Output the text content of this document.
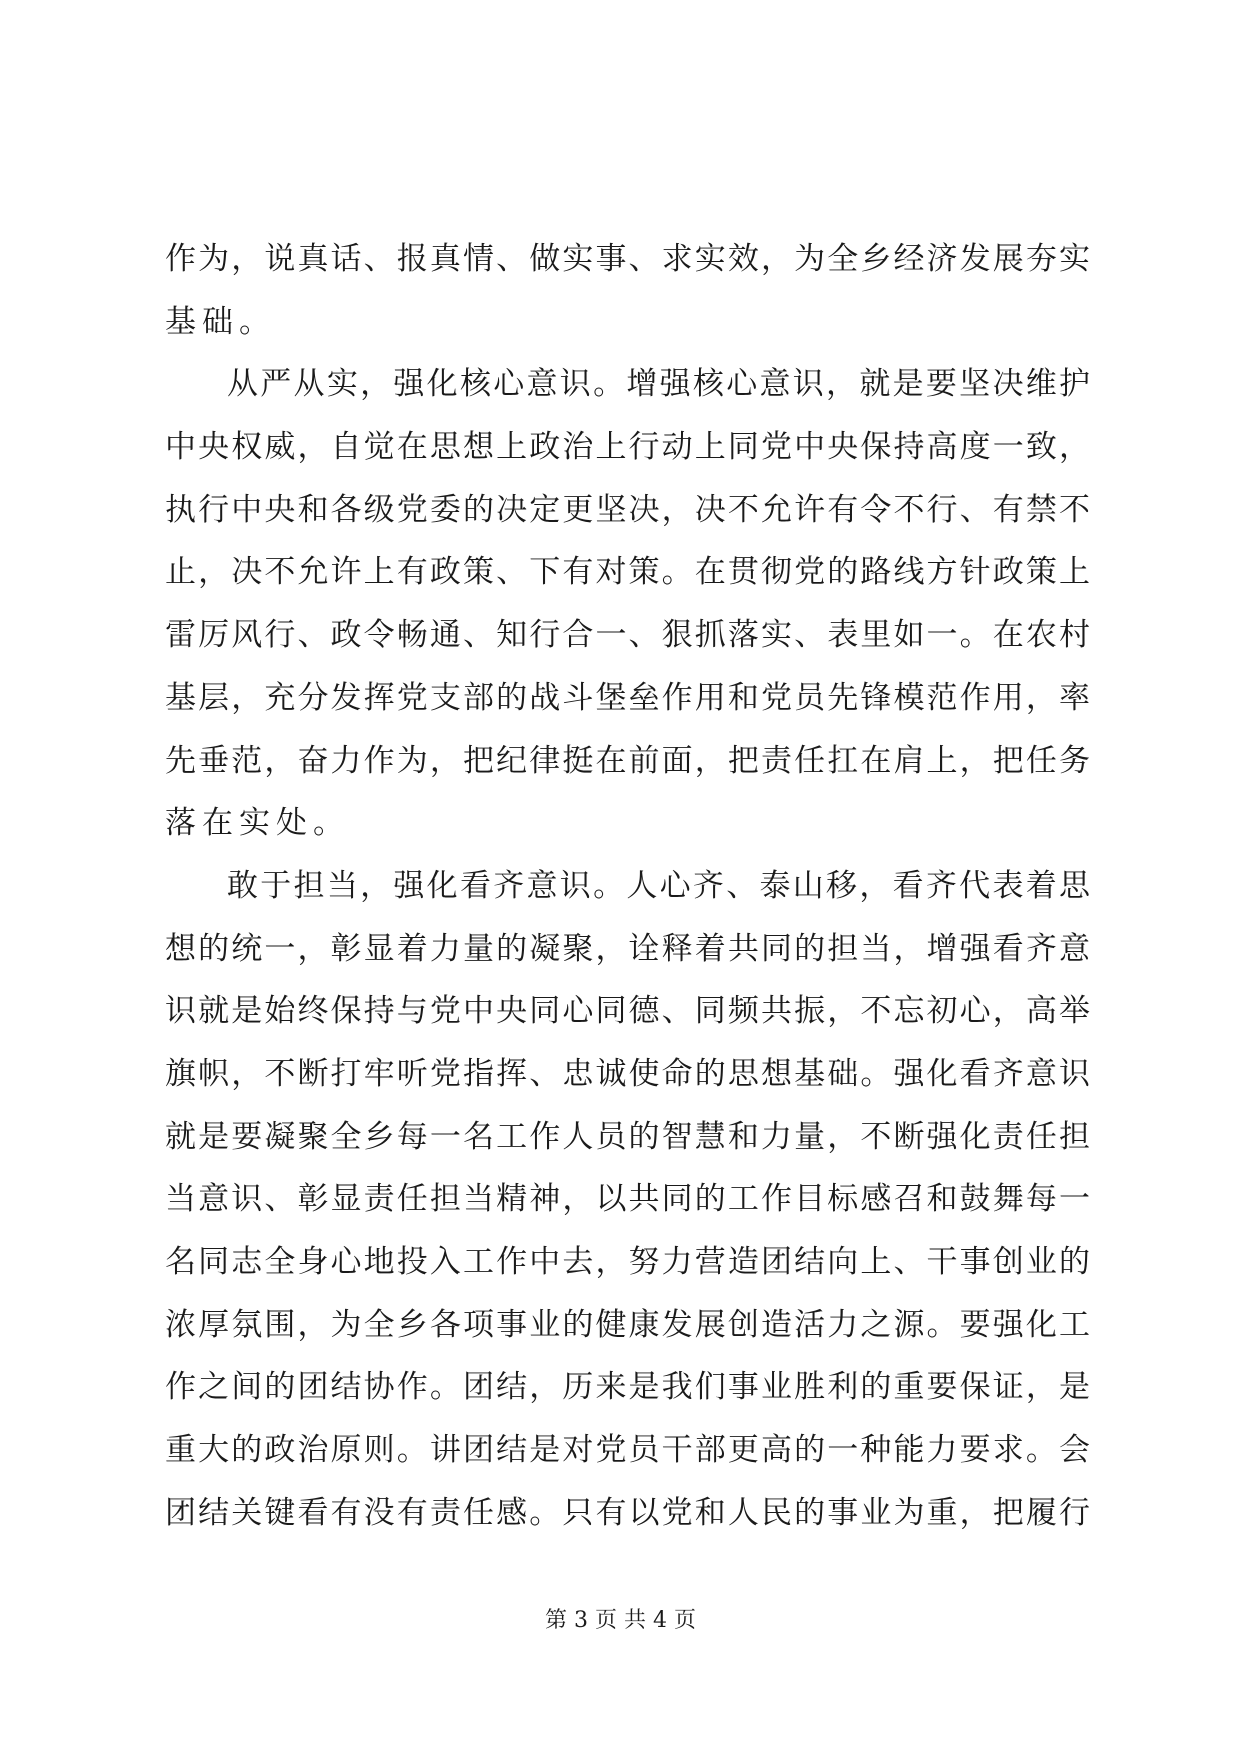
作为，说真话、报真情、做实事、求实效，为全乡经济发展夯实
基础。
从严从实，强化核心意识。增强核心意识，就是要坚决维护
中央权威，自觉在思想上政治上行动上同党中央保持高度一致，
执行中央和各级党委的决定更坚决，决不允许有令不行、有禁不
止，决不允许上有政策、下有对策。在贯彻党的路线方针政策上
雷厉风行、政令畅通、知行合一、狠抓落实、表里如一。在农村
基层，充分发挥党支部的战斗堡垒作用和党员先锋模范作用，率
先垂范，奋力作为，把纪律挺在前面，把责任扛在肩上，把任务
落在实处。
敢于担当，强化看齐意识。人心齐、泰山移，看齐代表着思
想的统一，彰显着力量的凝聚，诠释着共同的担当，增强看齐意
识就是始终保持与党中央同心同德、同频共振，不忘初心，高举
旗帜，不断打牢听党指挥、忠诚使命的思想基础。强化看齐意识
就是要凝聚全乡每一名工作人员的智慧和力量，不断强化责任担
当意识、彰显责任担当精神，以共同的工作目标感召和鼓舞每一
名同志全身心地投入工作中去，努力营造团结向上、干事创业的
浓厚氛围，为全乡各项事业的健康发展创造活力之源。要强化工
作之间的团结协作。团结，历来是我们事业胜利的重要保证，是
重大的政治原则。讲团结是对党员干部更高的一种能力要求。会
团结关键看有没有责任感。只有以党和人民的事业为重，把履行
第 3 页 共 4 页
